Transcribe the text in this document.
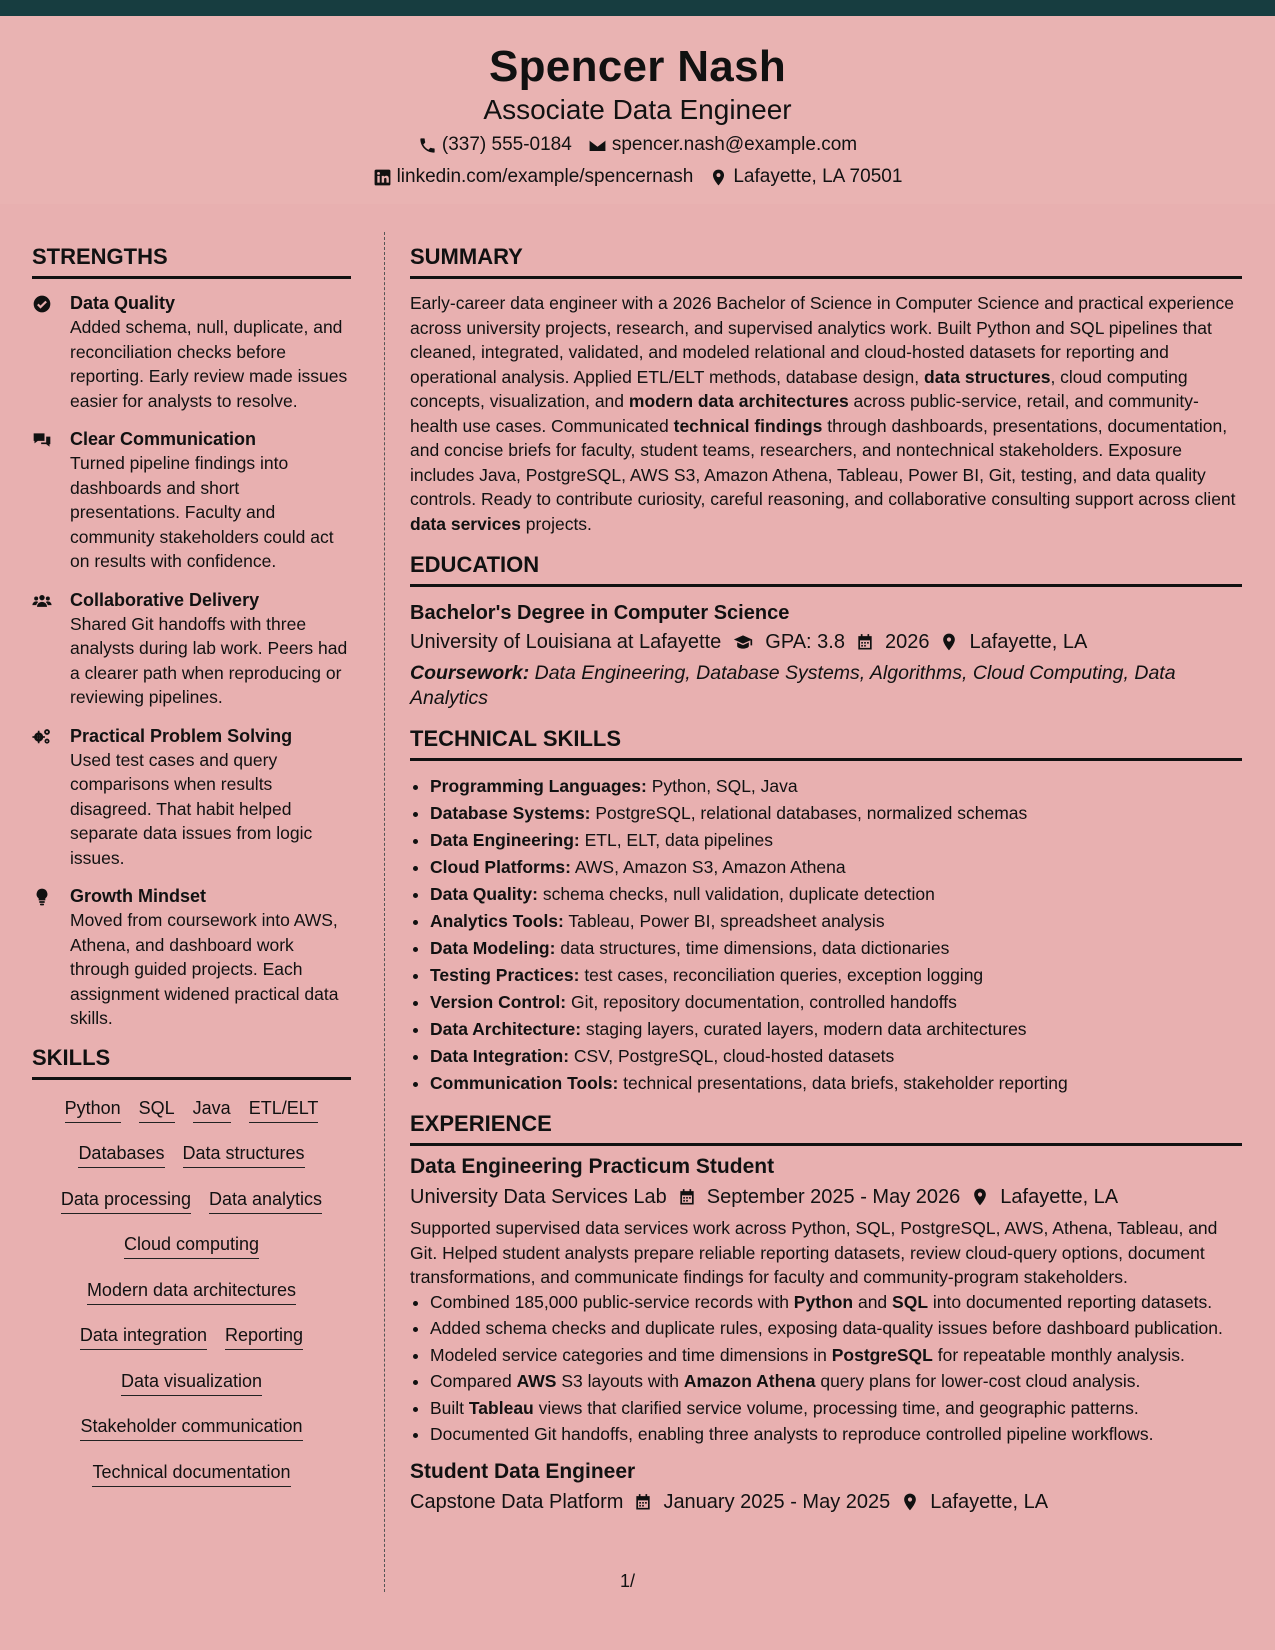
Spencer Nash
Associate Data Engineer
(337) 555-0184 spencer.nash@example.com
linkedin.com/example/spencernash Lafayette, LA 70501
STRENGTHS
Data Quality
Added schema, null, duplicate, and reconciliation checks before reporting. Early review made issues easier for analysts to resolve.
Clear Communication
Turned pipeline findings into dashboards and short presentations. Faculty and community stakeholders could act on results with confidence.
Collaborative Delivery
Shared Git handoffs with three analysts during lab work. Peers had a clearer path when reproducing or reviewing pipelines.
Practical Problem Solving
Used test cases and query comparisons when results disagreed. That habit helped separate data issues from logic issues.
Growth Mindset
Moved from coursework into AWS, Athena, and dashboard work through guided projects. Each assignment widened practical data skills.
SKILLS
Python SQL Java ETL/ELT
Databases Data structures
Data processing Data analytics
Cloud computing
Modern data architectures
Data integration Reporting
Data visualization
Stakeholder communication
Technical documentation
SUMMARY

Early-career data engineer with a 2026 Bachelor of Science in Computer Science and practical experience across university projects, research, and supervised analytics work. Built Python and SQL pipelines that cleaned, integrated, validated, and modeled relational and cloud-hosted datasets for reporting and operational analysis. Applied ETL/ELT methods, database design, data structures, cloud computing concepts, visualization, and modern data architectures across public-service, retail, and community-health use cases. Communicated technical findings through dashboards, presentations, documentation, and concise briefs for faculty, student teams, researchers, and nontechnical stakeholders. Exposure includes Java, PostgreSQL, AWS S3, Amazon Athena, Tableau, Power BI, Git, testing, and data quality controls. Ready to contribute curiosity, careful reasoning, and collaborative consulting support across client data services projects.

EDUCATION
Bachelor's Degree in Computer Science
University of Louisiana at Lafayette GPA: 3.8 2026 Lafayette, LA

Coursework: Data Engineering, Database Systems, Algorithms, Cloud Computing, Data Analytics

TECHNICAL SKILLS
• Programming Languages: Python, SQL, Java
• Database Systems: PostgreSQL, relational databases, normalized schemas
• Data Engineering: ETL, ELT, data pipelines
• Cloud Platforms: AWS, Amazon S3, Amazon Athena
• Data Quality: schema checks, null validation, duplicate detection
• Analytics Tools: Tableau, Power BI, spreadsheet analysis
• Data Modeling: data structures, time dimensions, data dictionaries
• Testing Practices: test cases, reconciliation queries, exception logging
• Version Control: Git, repository documentation, controlled handoffs
• Data Architecture: staging layers, curated layers, modern data architectures
• Data Integration: CSV, PostgreSQL, cloud-hosted datasets
• Communication Tools: technical presentations, data briefs, stakeholder reporting
EXPERIENCE
Data Engineering Practicum Student
University Data Services Lab September 2025 - May 2026 Lafayette, LA

Supported supervised data services work across Python, SQL, PostgreSQL, AWS, Athena, Tableau, and Git. Helped student analysts prepare reliable reporting datasets, review cloud-query options, document transformations, and communicate findings for faculty and community-program stakeholders.

• Combined 185,000 public-service records with Python and SQL into documented reporting datasets.
• Added schema checks and duplicate rules, exposing data-quality issues before dashboard publication.
• Modeled service categories and time dimensions in PostgreSQL for repeatable monthly analysis.
• Compared AWS S3 layouts with Amazon Athena query plans for lower-cost cloud analysis.
• Built Tableau views that clarified service volume, processing time, and geographic patterns.
• Documented Git handoffs, enabling three analysts to reproduce controlled pipeline workflows.
Student Data Engineer
Capstone Data Platform January 2025 - May 2025 Lafayette, LA
1/
